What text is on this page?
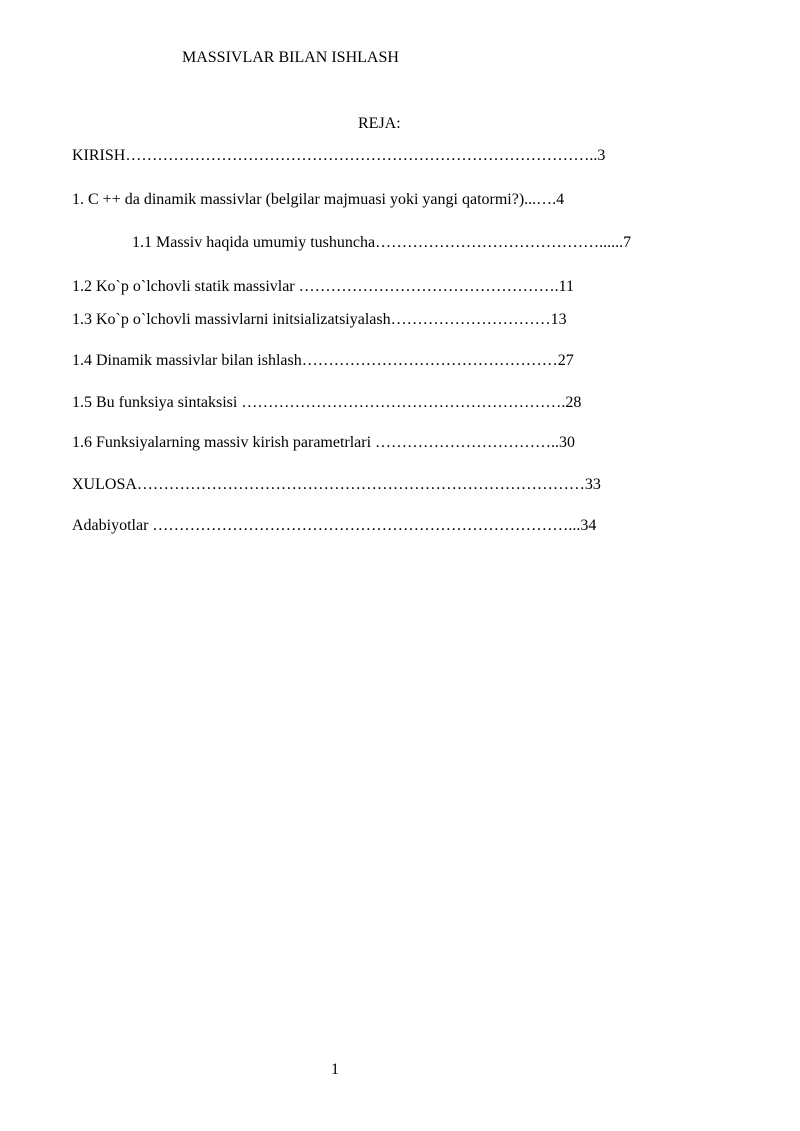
MASSIVLAR BILAN ISHLASH
REJA:
KIRISH……………………………………………………………………………..3
1. C ++ da dinamik massivlar (belgilar majmuasi yoki yangi qatormi?)...….4
1.1 Massiv haqida umumiy tushuncha……………………………………......7
1.2 Ko`p o`lchovli statik massivlar ………………………………………….11
1.3 Ko`p o`lchovli massivlarni initsializatsiyalash…………………………13
1.4 Dinamik massivlar bilan ishlash…………………………………………27
1.5 Bu funksiya sintaksisi …………………………………………………….28
1.6 Funksiyalarning massiv kirish parametrlari ……………………………..30
XULOSA…………………………………………………………………………33
Adabiyotlar ……………………………………………………………………...34
1
